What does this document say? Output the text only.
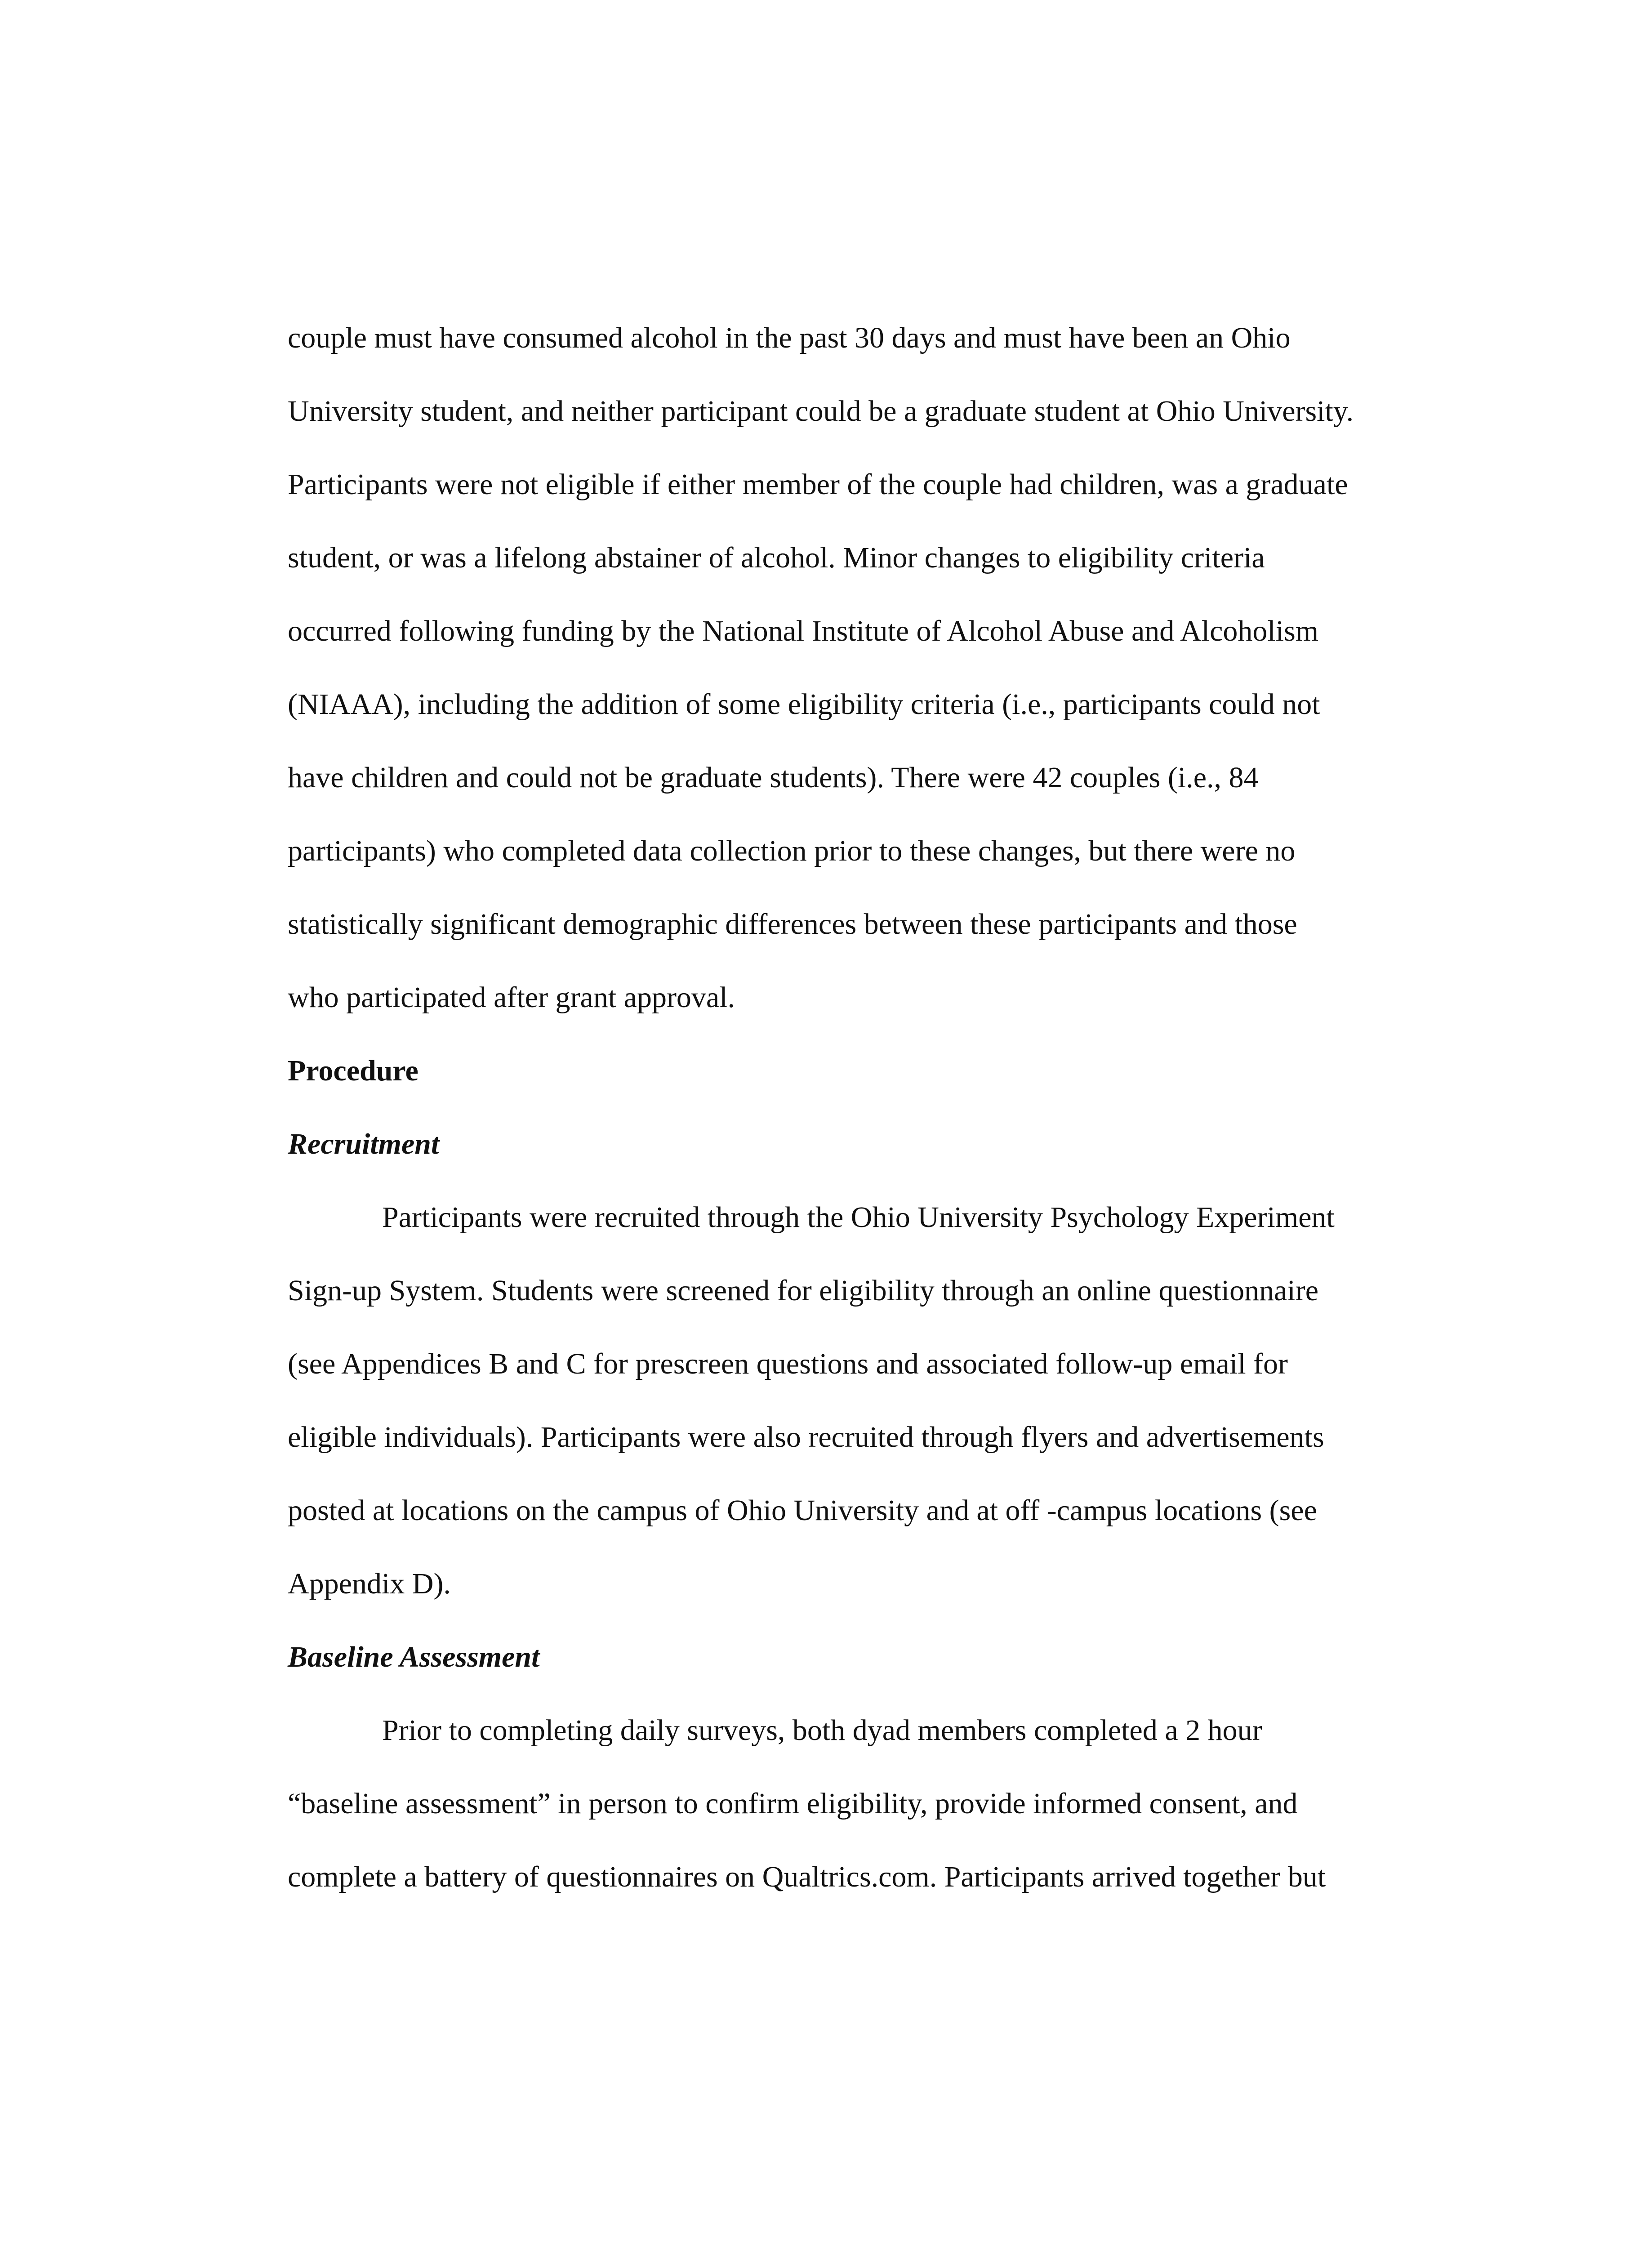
couple must have consumed alcohol in the past 30 days and must have been an Ohio

University student, and neither participant could be a graduate student at Ohio University.

Participants were not eligible if either member of the couple had children, was a graduate

student, or was a lifelong abstainer of alcohol. Minor changes to eligibility criteria

occurred following funding by the National Institute of Alcohol Abuse and Alcoholism

(NIAAA), including the addition of some eligibility criteria (i.e., participants could not

have children and could not be graduate students). There were 42 couples (i.e., 84

participants) who completed data collection prior to these changes, but there were no

statistically significant demographic differences between these participants and those

who participated after grant approval.

Procedure
Recruitment

Participants were recruited through the Ohio University Psychology Experiment

Sign-up System. Students were screened for eligibility through an online questionnaire

(see Appendices B and C for prescreen questions and associated follow-up email for

eligible individuals). Participants were also recruited through flyers and advertisements

posted at locations on the campus of Ohio University and at off -campus locations (see

Appendix D).

Baseline Assessment

Prior to completing daily surveys, both dyad members completed a 2 hour

“baseline assessment” in person to confirm eligibility, provide informed consent, and

complete a battery of questionnaires on Qualtrics.com. Participants arrived together but
